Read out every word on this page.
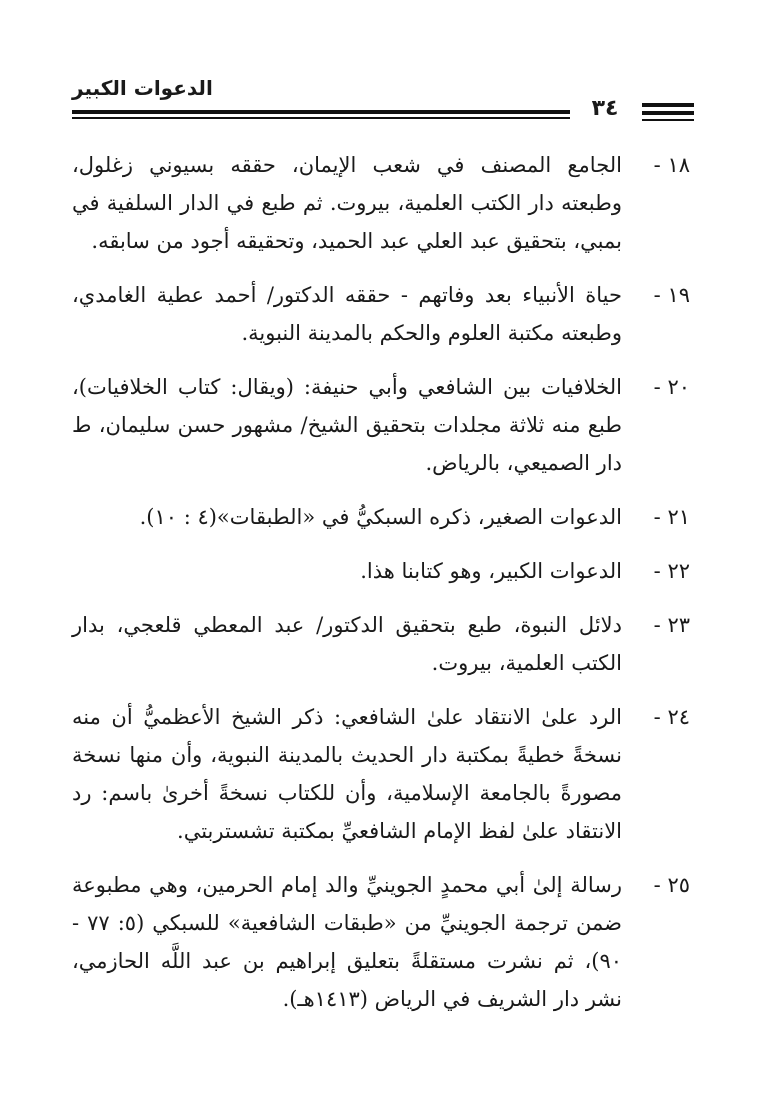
الدعوات الكبير
٣٤
١٨ -
الجامع المصنف في شعب الإيمان، حققه بسيوني زغلول، وطبعته دار الكتب العلمية، بيروت. ثم طبع في الدار السلفية في بمبي، بتحقيق عبد العلي عبد الحميد، وتحقيقه أجود من سابقه.
١٩ -
حياة الأنبياء بعد وفاتهم - حققه الدكتور/ أحمد عطية الغامدي، وطبعته مكتبة العلوم والحكم بالمدينة النبوية.
٢٠ -
الخلافيات بين الشافعي وأبي حنيفة: (ويقال: كتاب الخلافيات)، طبع منه ثلاثة مجلدات بتحقيق الشيخ/ مشهور حسن سليمان، ط دار الصميعي، بالرياض.
٢١ -
الدعوات الصغير، ذكره السبكيُّ في «الطبقات»(٤ : ١٠).
٢٢ -
الدعوات الكبير، وهو كتابنا هذا.
٢٣ -
دلائل النبوة، طبع بتحقيق الدكتور/ عبد المعطي قلعجي، بدار الكتب العلمية، بيروت.
٢٤ -
الرد علىٰ الانتقاد علىٰ الشافعي: ذكر الشيخ الأعظميُّ أن منه نسخةً خطيةً بمكتبة دار الحديث بالمدينة النبوية، وأن منها نسخة مصورةً بالجامعة الإسلامية، وأن للكتاب نسخةً أخرىٰ باسم: رد الانتقاد علىٰ لفظ الإمام الشافعيِّ بمكتبة تشستربتي.
٢٥ -
رسالة إلىٰ أبي محمدٍ الجوينيِّ والد إمام الحرمين، وهي مطبوعة ضمن ترجمة الجوينيِّ من «طبقات الشافعية» للسبكي (٥: ٧٧ - ٩٠)، ثم نشرت مستقلةً بتعليق إبراهيم بن عبد اللَّه الحازمي، نشر دار الشريف في الرياض (١٤١٣هـ).
